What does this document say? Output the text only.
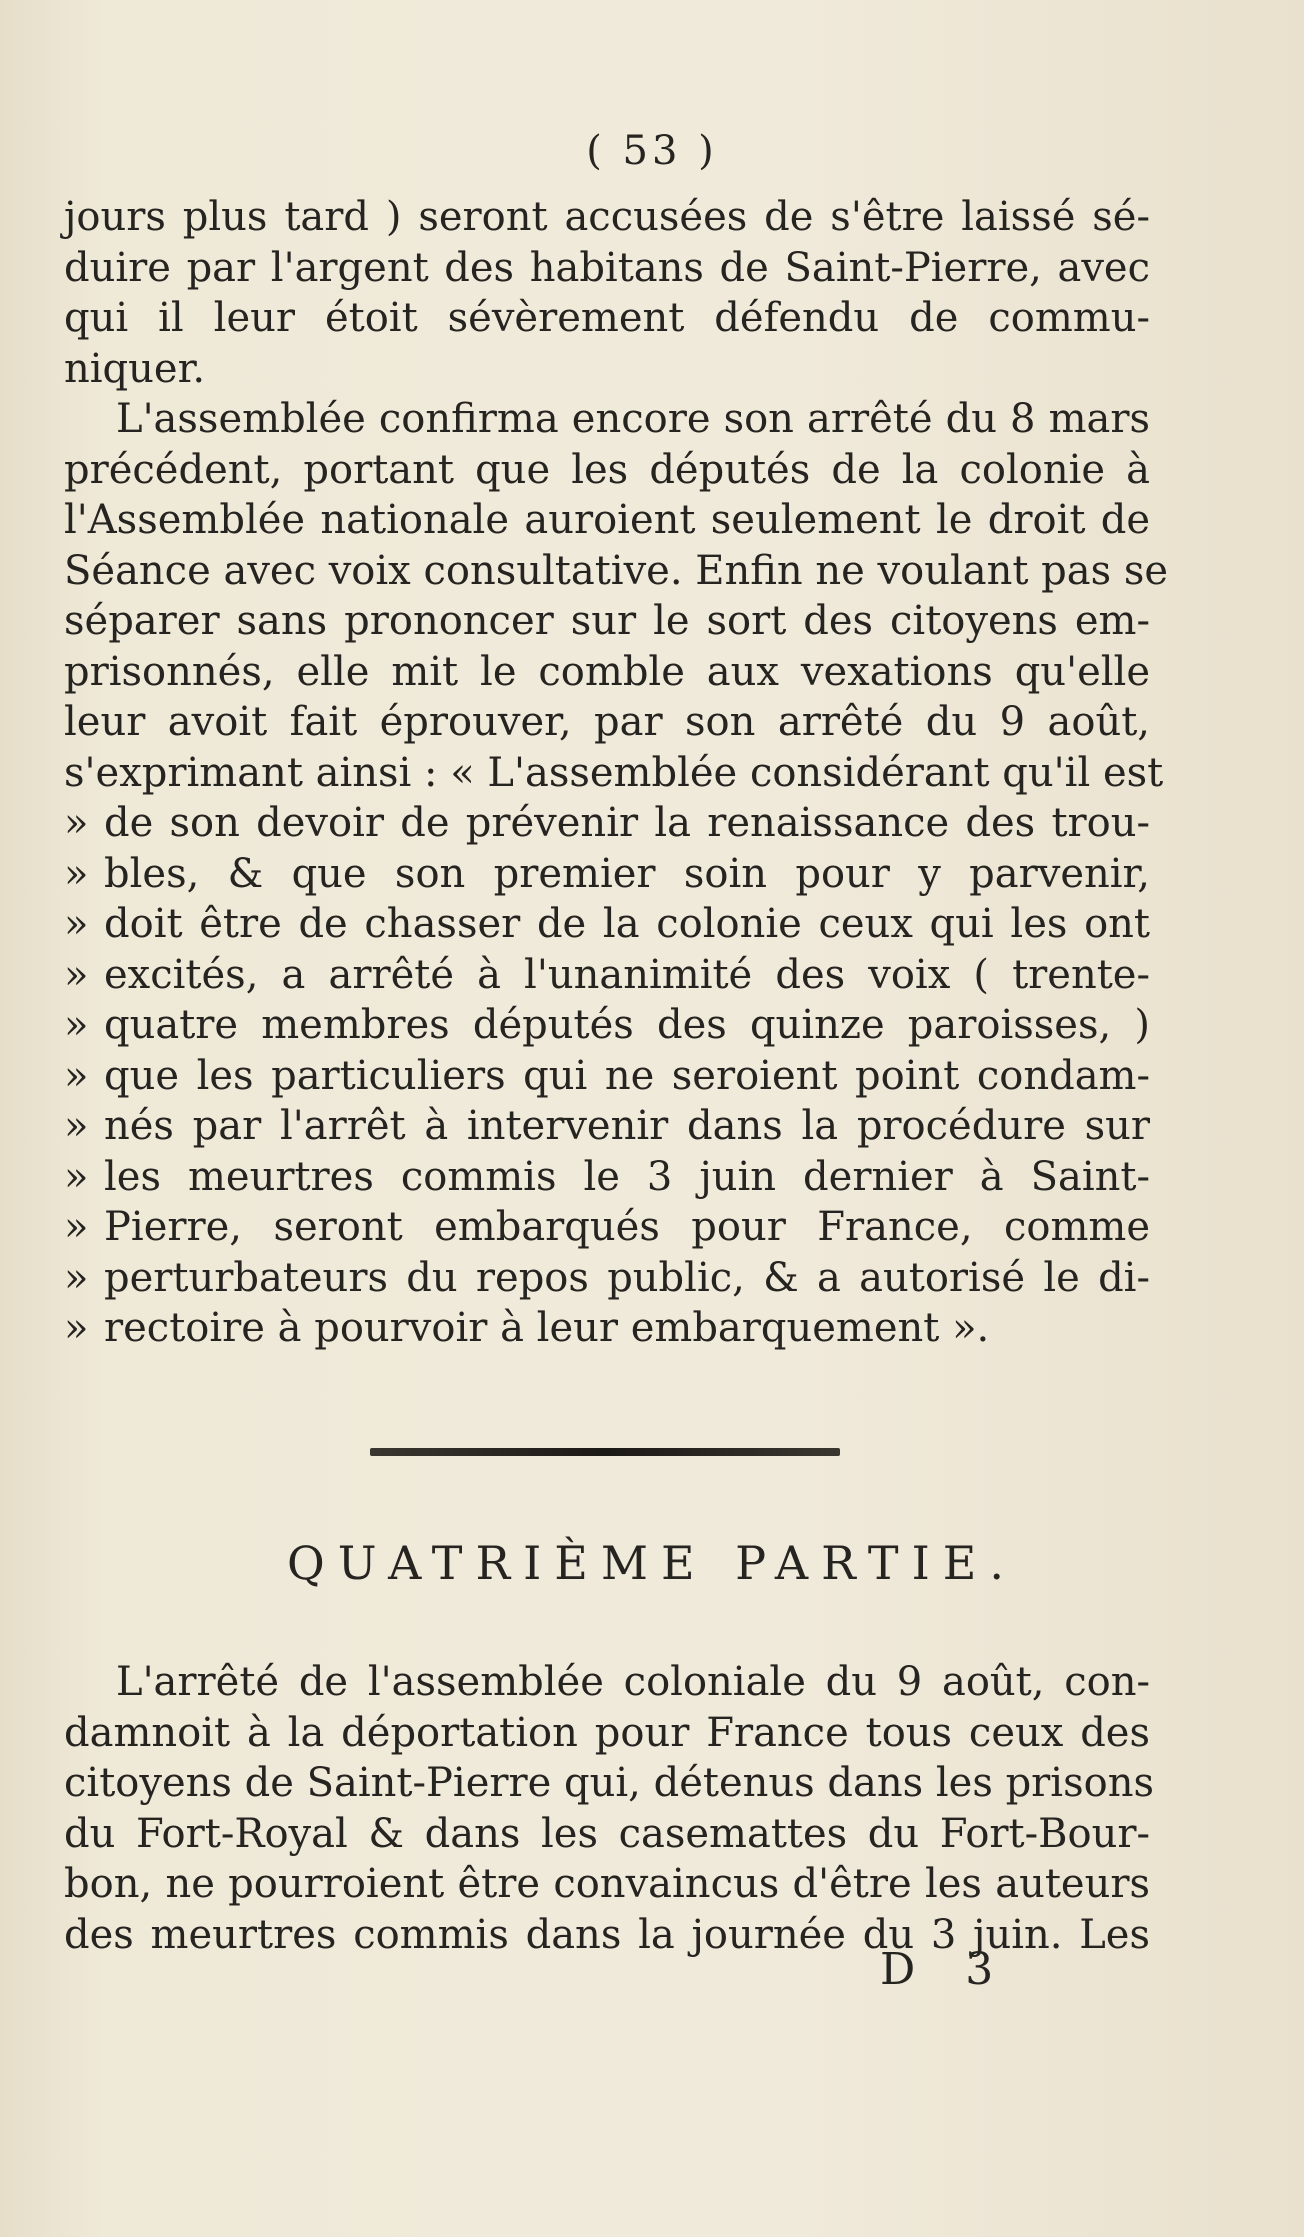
( 53 )
jours plus tard ) seront accusées de s'être laissé sé-
duire par l'argent des habitans de Saint-Pierre, avec
qui il leur étoit sévèrement défendu de commu-
niquer.
L'assemblée confirma encore son arrêté du 8 mars
précédent, portant que les députés de la colonie à
l'Assemblée nationale auroient seulement le droit de
Séance avec voix consultative. Enfin ne voulant pas se
séparer sans prononcer sur le sort des citoyens em-
prisonnés, elle mit le comble aux vexations qu'elle
leur avoit fait éprouver, par son arrêté du 9 août,
s'exprimant ainsi : « L'assemblée considérant qu'il est
» de son devoir de prévenir la renaissance des trou-
» bles, & que son premier soin pour y parvenir,
» doit être de chasser de la colonie ceux qui les ont
» excités, a arrêté à l'unanimité des voix ( trente-
» quatre membres députés des quinze paroisses, )
» que les particuliers qui ne seroient point condam-
» nés par l'arrêt à intervenir dans la procédure sur
» les meurtres commis le 3 juin dernier à Saint-
» Pierre, seront embarqués pour France, comme
» perturbateurs du repos public, & a autorisé le di-
» rectoire à pourvoir à leur embarquement ».
QUATRIÈME PARTIE.
L'arrêté de l'assemblée coloniale du 9 août, con-
damnoit à la déportation pour France tous ceux des
citoyens de Saint-Pierre qui, détenus dans les prisons
du Fort-Royal & dans les casemattes du Fort-Bour-
bon, ne pourroient être convaincus d'être les auteurs
des meurtres commis dans la journée du 3 juin. Les
D 3
